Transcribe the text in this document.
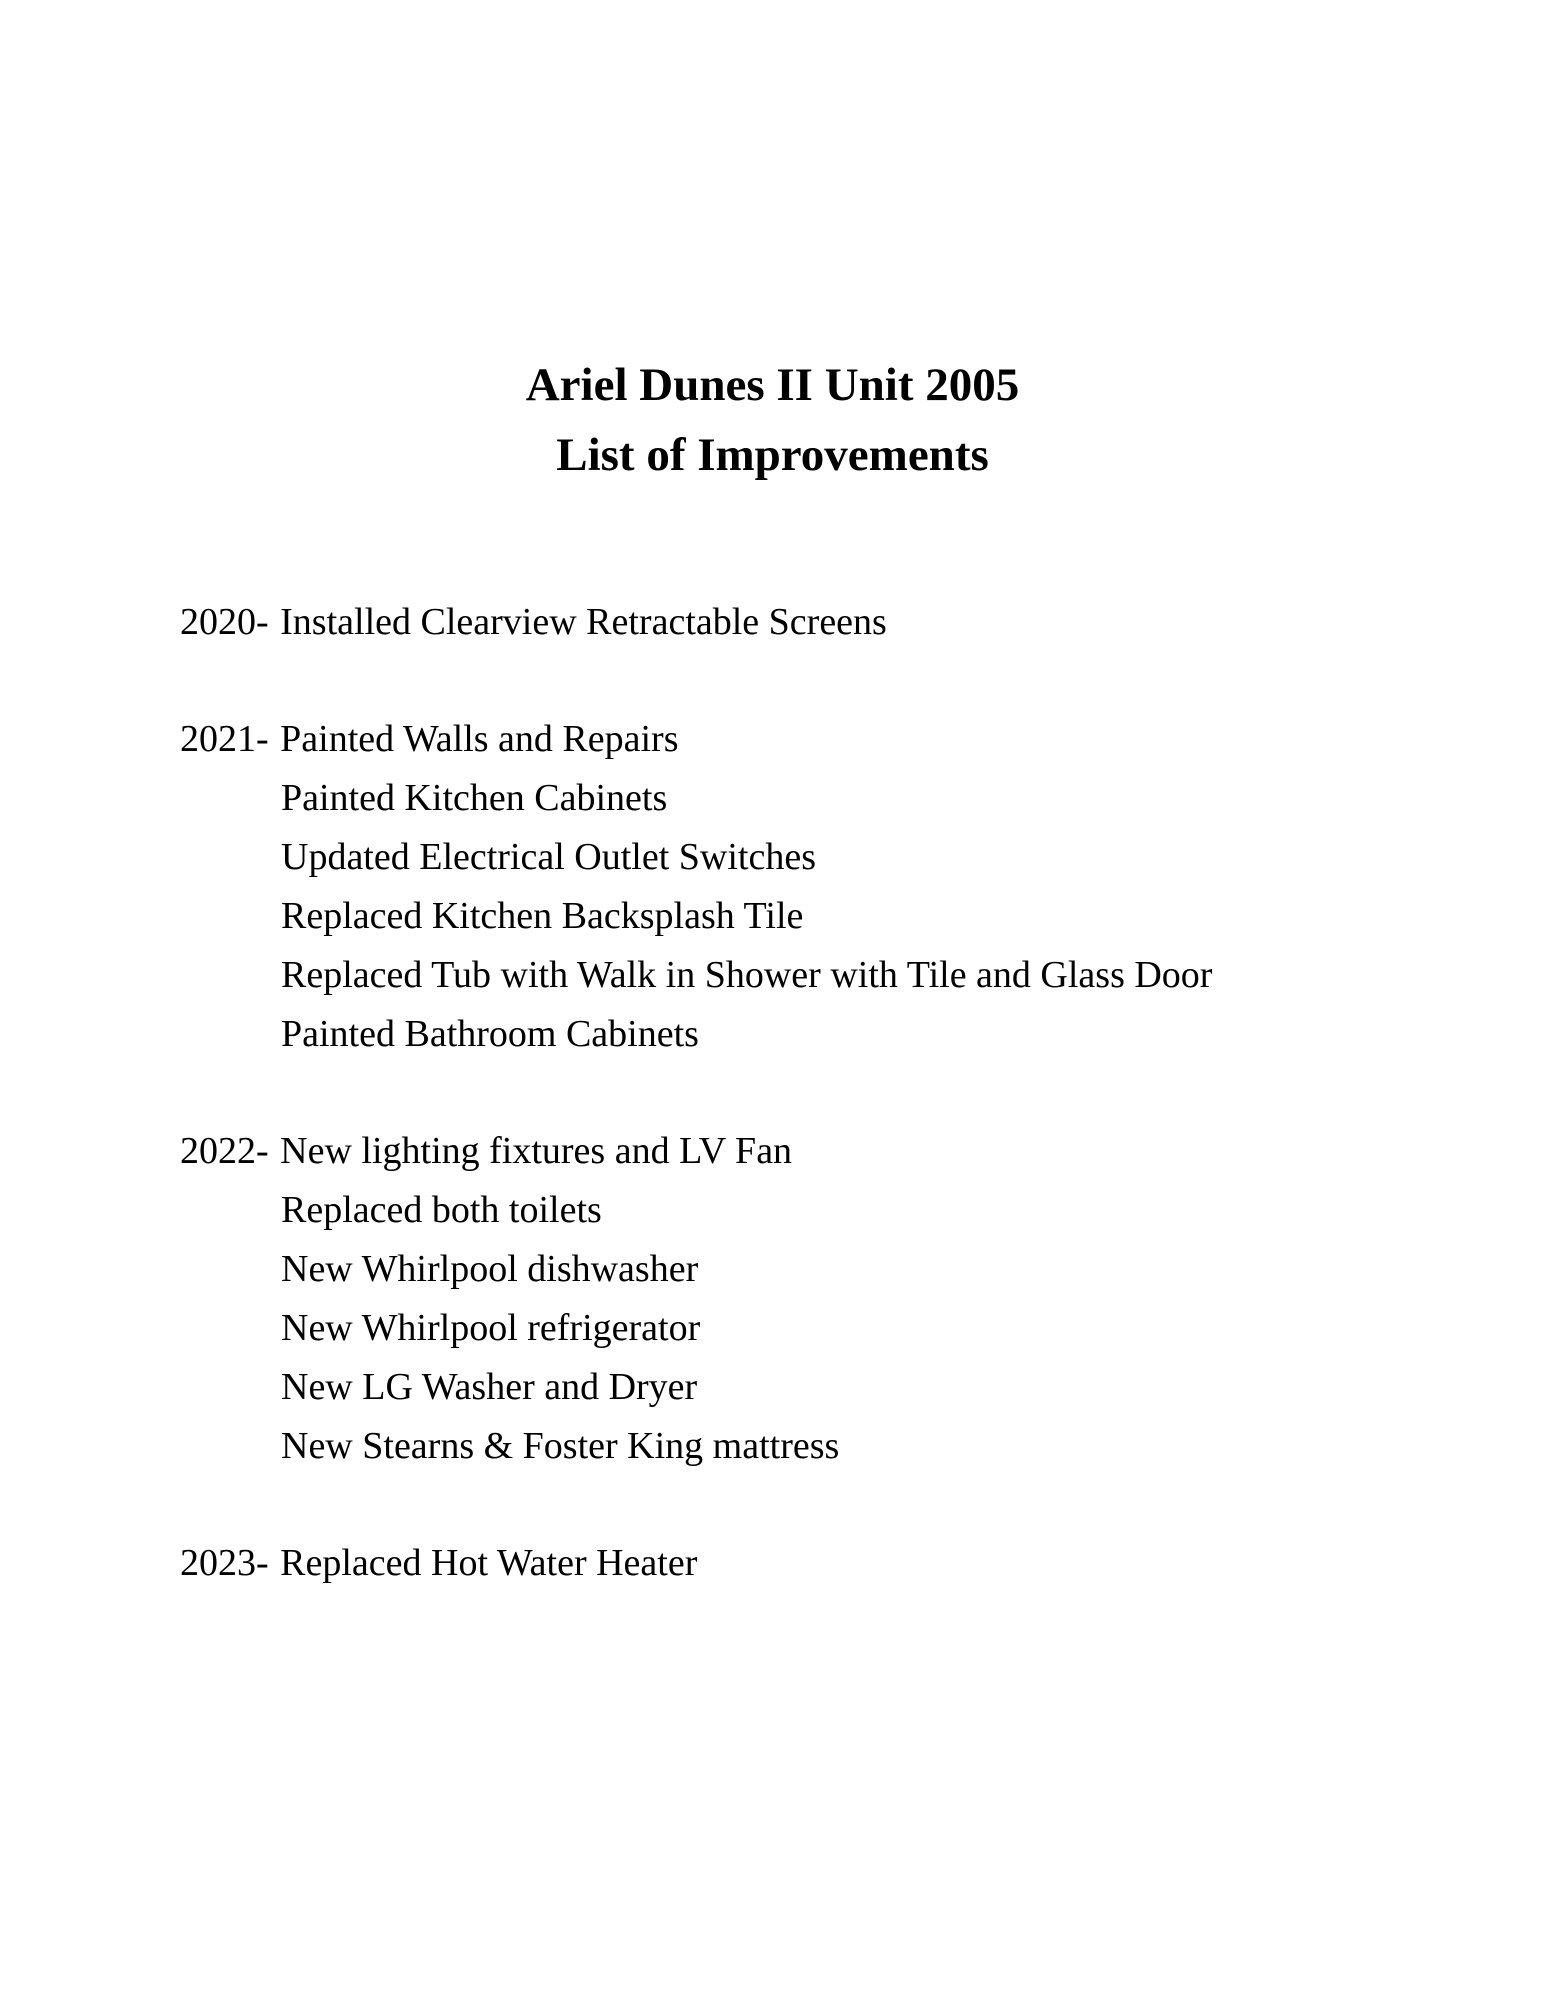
Ariel Dunes II Unit 2005
List of Improvements
2020- Installed Clearview Retractable Screens
2021- Painted Walls and Repairs
Painted Kitchen Cabinets
Updated Electrical Outlet Switches
Replaced Kitchen Backsplash Tile
Replaced Tub with Walk in Shower with Tile and Glass Door
Painted Bathroom Cabinets
2022- New lighting fixtures and LV Fan
Replaced both toilets
New Whirlpool dishwasher
New Whirlpool refrigerator
New LG Washer and Dryer
New Stearns & Foster King mattress
2023- Replaced Hot Water Heater
